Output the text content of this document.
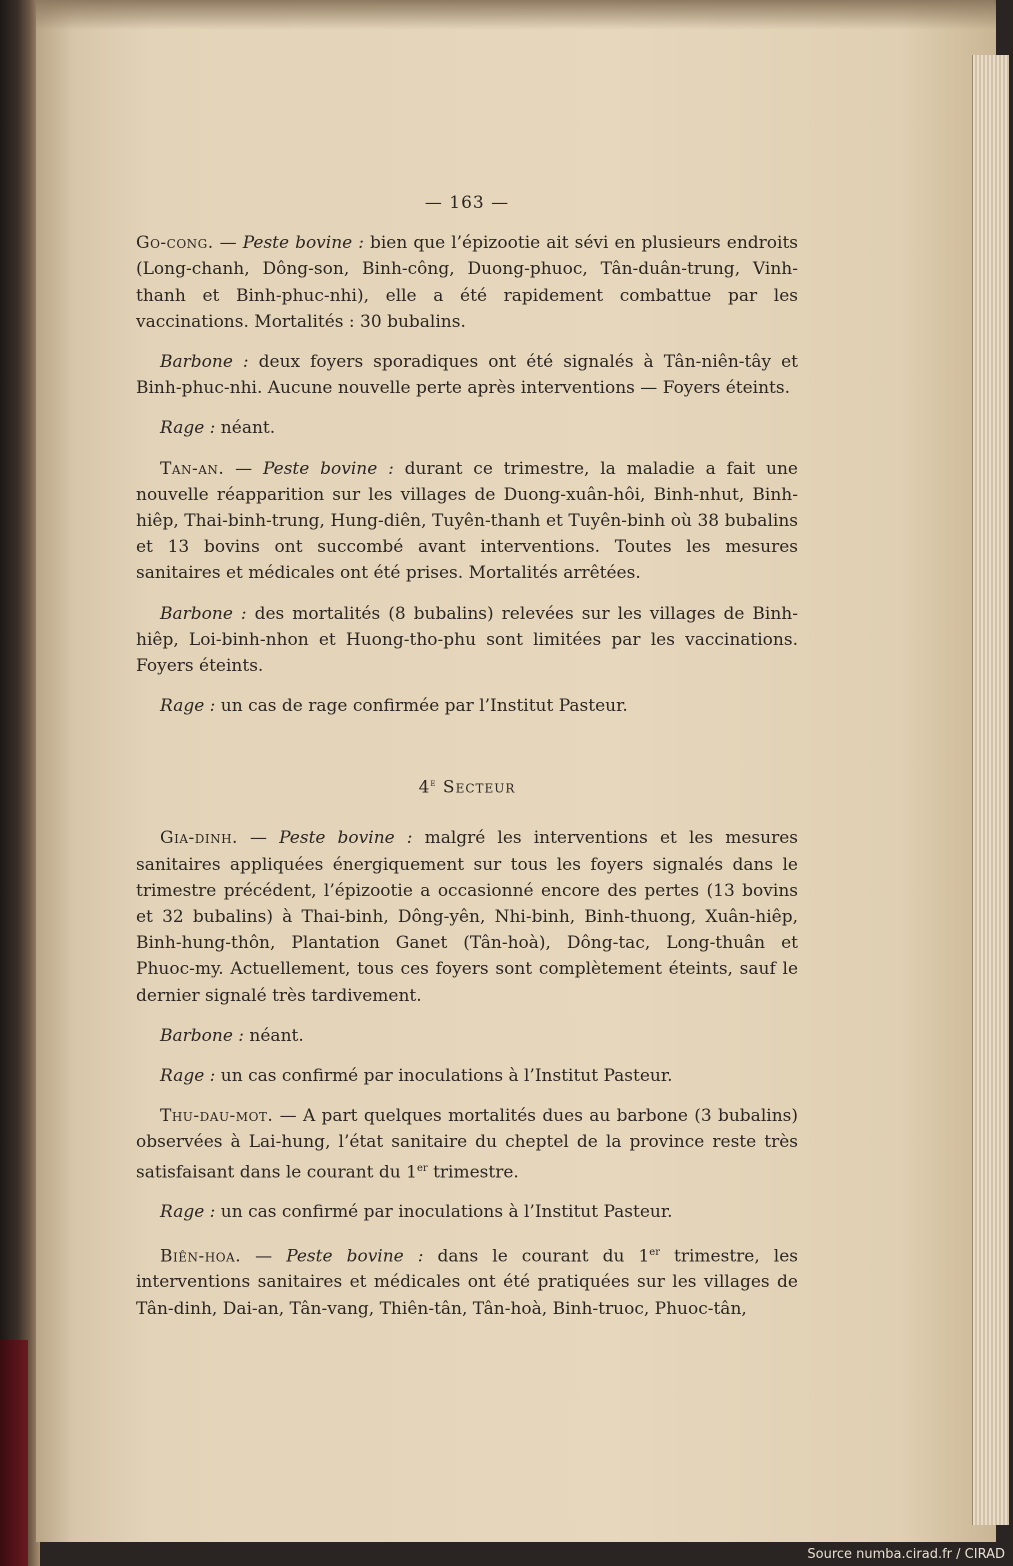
— 163 —

Go-cong. — Peste bovine : bien que l’épizootie ait sévi en plusieurs endroits (Long-chanh, Dông-son, Binh-công, Duong-phuoc, Tân-duân-trung, Vinh-thanh et Binh-phuc-nhi), elle a été rapidement combattue par les vaccinations. Mortalités : 30 bubalins.

Barbone : deux foyers sporadiques ont été signalés à Tân-niên-tây et Binh-phuc-nhi. Aucune nouvelle perte après interventions — Foyers éteints.

Rage : néant.

Tan-an. — Peste bovine : durant ce trimestre, la maladie a fait une nouvelle réapparition sur les villages de Duong-xuân-hôi, Binh-nhut, Binh-hiêp, Thai-binh-trung, Hung-diên, Tuyên-thanh et Tuyên-binh où 38 bubalins et 13 bovins ont succombé avant interventions. Toutes les mesures sanitaires et médicales ont été prises. Mortalités arrêtées.

Barbone : des mortalités (8 bubalins) relevées sur les villages de Binh-hiêp, Loi-binh-nhon et Huong-tho-phu sont limitées par les vaccinations. Foyers éteints.

Rage : un cas de rage confirmée par l’Institut Pasteur.

4e Secteur

Gia-dinh. — Peste bovine : malgré les interventions et les mesures sanitaires appliquées énergiquement sur tous les foyers signalés dans le trimestre précédent, l’épizootie a occasionné encore des pertes (13 bovins et 32 bubalins) à Thai-binh, Dông-yên, Nhi-binh, Binh-thuong, Xuân-hiêp, Binh-hung-thôn, Plantation Ganet (Tân-hoà), Dông-tac, Long-thuân et Phuoc-my. Actuellement, tous ces foyers sont complètement éteints, sauf le dernier signalé très tardivement.

Barbone : néant.

Rage : un cas confirmé par inoculations à l’Institut Pasteur.

Thu-dau-mot. — A part quelques mortalités dues au barbone (3 bubalins) observées à Lai-hung, l’état sanitaire du cheptel de la province reste très satisfaisant dans le courant du 1er trimestre.

Rage : un cas confirmé par inoculations à l’Institut Pasteur.

Biên-hoa. — Peste bovine : dans le courant du 1er trimestre, les interventions sanitaires et médicales ont été pratiquées sur les villages de Tân-dinh, Dai-an, Tân-vang, Thiên-tân, Tân-hoà, Binh-truoc, Phuoc-tân,

Source numba.cirad.fr / CIRAD
